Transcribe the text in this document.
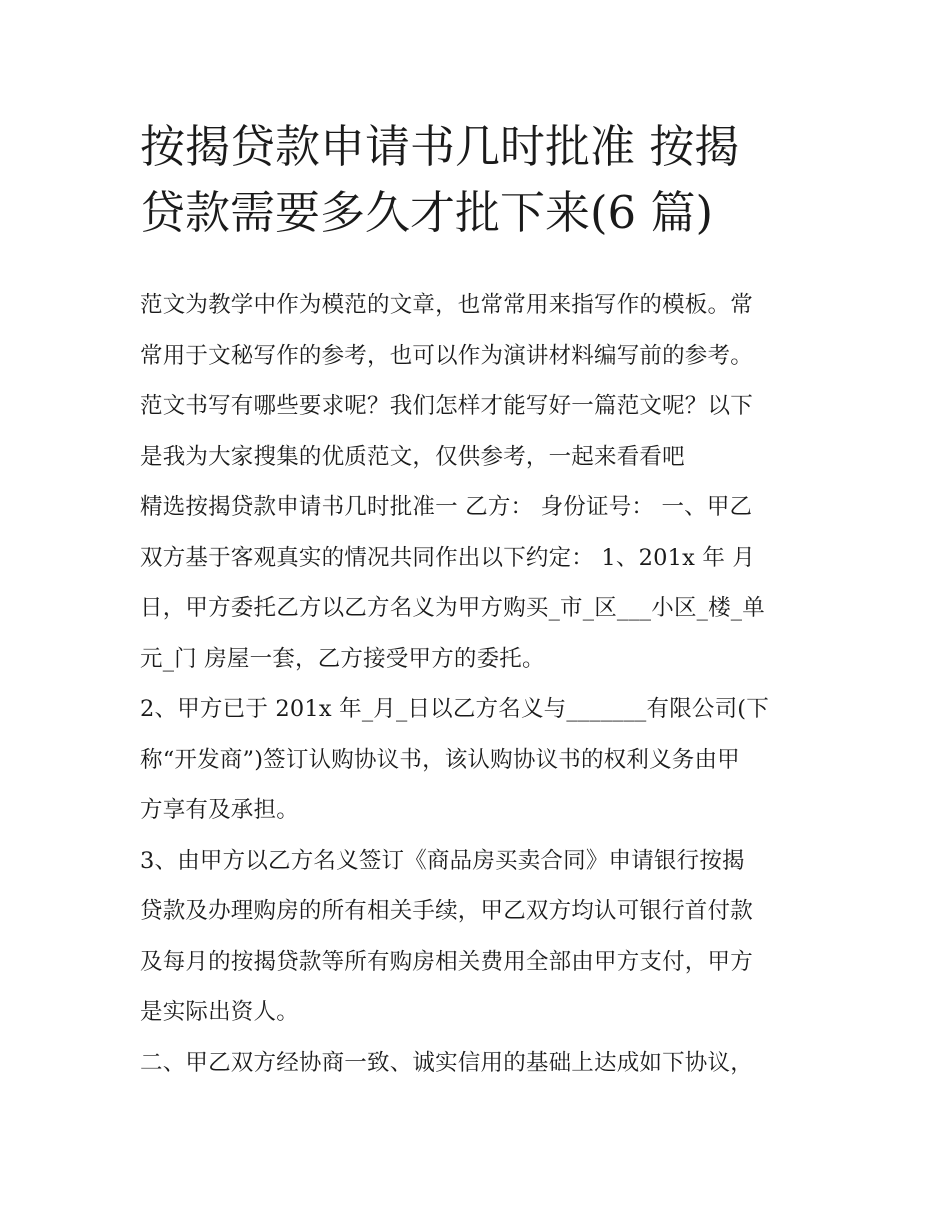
按揭贷款申请书几时批准 按揭
贷款需要多久才批下来(6 篇)

范文为教学中作为模范的文章，也常常用来指写作的模板。常

常用于文秘写作的参考，也可以作为演讲材料编写前的参考。

范文书写有哪些要求呢？我们怎样才能写好一篇范文呢？以下

是我为大家搜集的优质范文，仅供参考，一起来看看吧

精选按揭贷款申请书几时批准一 乙方： 身份证号： 一、甲乙

双方基于客观真实的情况共同作出以下约定： 1、201x 年 月

日，甲方委托乙方以乙方名义为甲方购买_市_区___小区_楼_单

元_门 房屋一套，乙方接受甲方的委托。

2、甲方已于 201x 年_月_日以乙方名义与_______有限公司(下

称“开发商”)签订认购协议书，该认购协议书的权利义务由甲

方享有及承担。

3、由甲方以乙方名义签订《商品房买卖合同》申请银行按揭

贷款及办理购房的所有相关手续，甲乙双方均认可银行首付款

及每月的按揭贷款等所有购房相关费用全部由甲方支付，甲方

是实际出资人。

二、甲乙双方经协商一致、诚实信用的基础上达成如下协议，
